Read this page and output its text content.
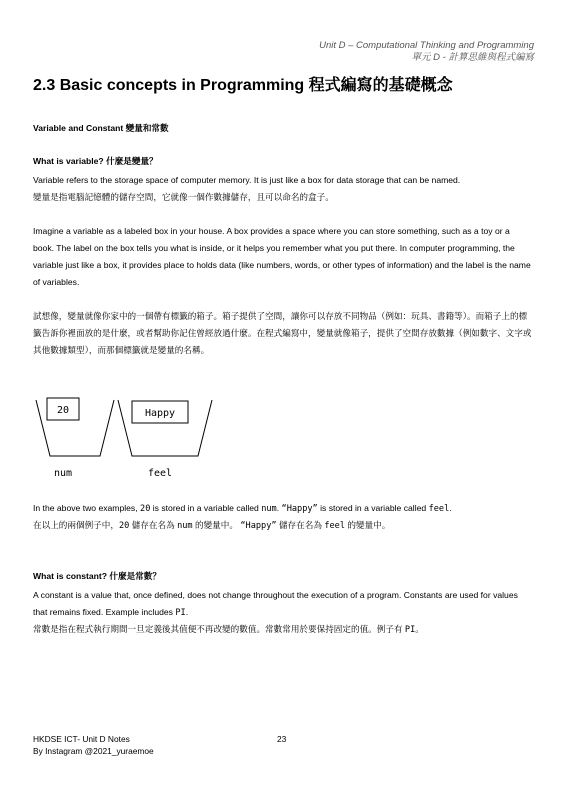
Unit D – Computational Thinking and Programming
單元 D - 計算思維與程式編寫
2.3 Basic concepts in Programming 程式編寫的基礎概念

Variable and Constant 變量和常數

What is variable? 什麼是變量？

Variable refers to the storage space of computer memory. It is just like a box for data storage that can be named.

變量是指電腦記憶體的儲存空間，它就像一個作數據儲存，且可以命名的盒子。

Imagine a variable as a labeled box in your house. A box provides a space where you can store something, such as a toy or a book. The label on the box tells you what is inside, or it helps you remember what you put there. In computer programming, the variable just like a box, it provides place to holds data (like numbers, words, or other types of information) and the label is the name of variables.

試想像，變量就像你家中的一個帶有標籤的箱子。箱子提供了空間，讓你可以存放不同物品（例如：玩具、書籍等）。而箱子上的標籤告訴你裡面放的是什麼，或者幫助你記住曾經放過什麼。在程式編寫中，變量就像箱子，提供了空間存放數據（例如數字、文字或其他數據類型），而那個標籤就是變量的名稱。

20
num
Happy
feel

In the above two examples, 20 is stored in a variable called num. “Happy” is stored in a variable called feel.

在以上的兩個例子中，20 儲存在名為 num 的變量中。 “Happy” 儲存在名為 feel 的變量中。

What is constant? 什麼是常數？

A constant is a value that, once defined, does not change throughout the execution of a program. Constants are used for values that remains fixed. Example includes PI.

常數是指在程式執行期間一旦定義後其值便不再改變的數值。常數常用於要保持固定的值。例子有 PI。

HKDSE ICT- Unit D Notes
By Instagram @2021_yuraemoe
23
